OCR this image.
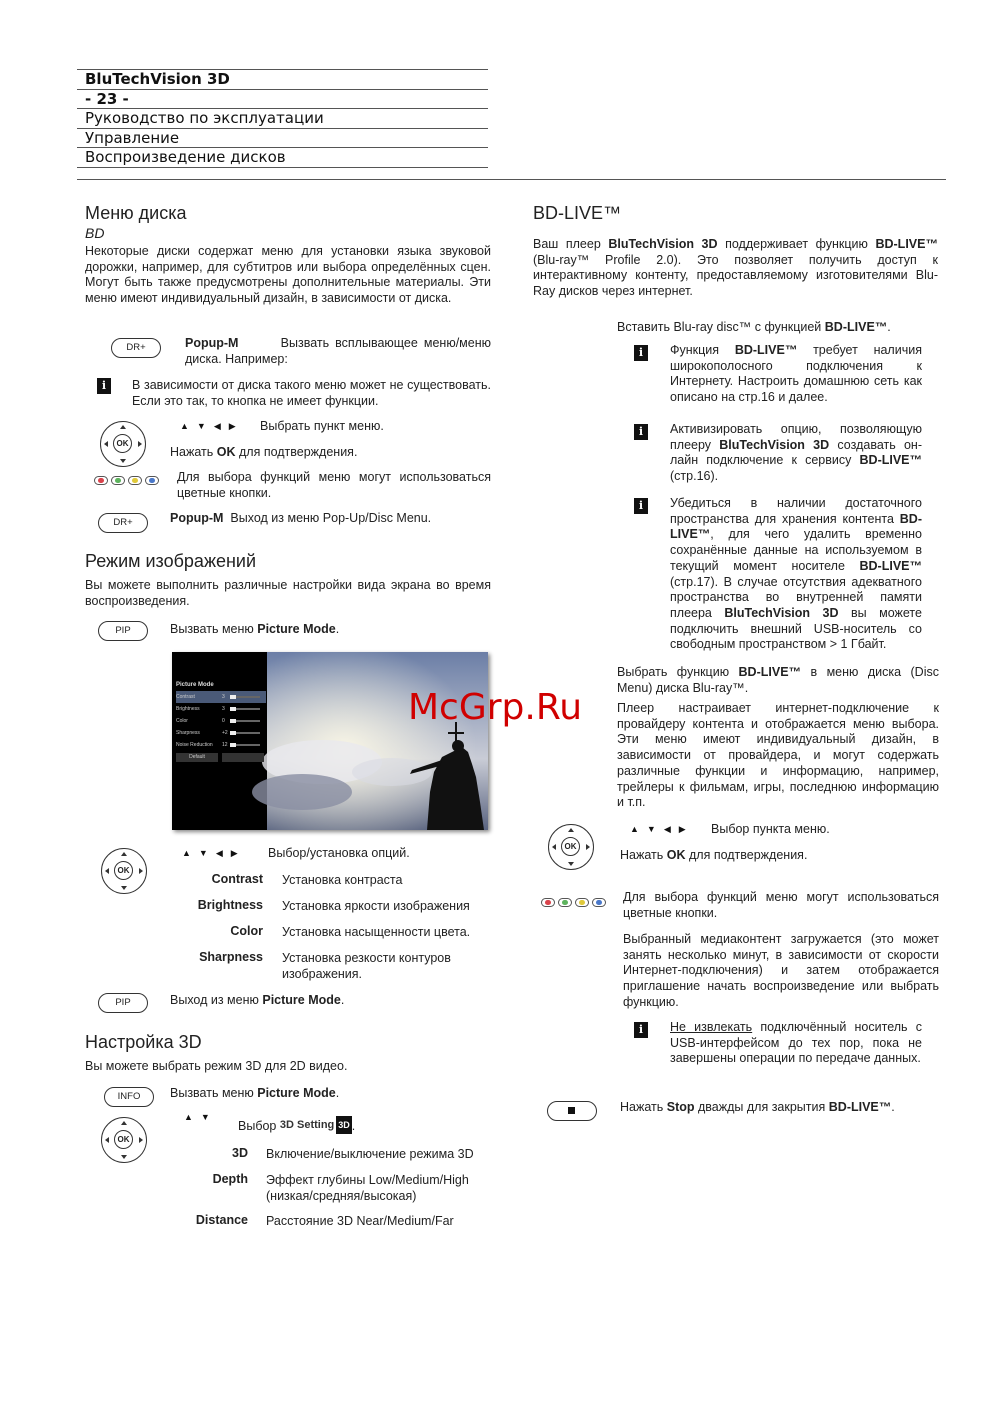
BluTechVision 3D
- 23 -
Руководство по эксплуатации
Управление
Воспроизведение дисков
Меню диска
BD
Некоторые диски содержат меню для установки языка звуковой дорожки, например, для субтитров или выбора определённых сцен. Могут быть также предусмотрены дополнительные материалы. Эти меню имеют индивидуальный дизайн, в зависимости от диска.
DR+	Popup-M	Вызвать всплывающее меню/меню диска. Например:
i	В зависимости от диска такого меню может не существовать. Если это так, то кнопка не имеет функции.
OK
▲▼◀▶ Выбрать пункт меню.
Нажать OK для подтверждения.
Для выбора функций меню могут использоваться цветные кнопки.
DR+	Popup-M Выход из меню Pop-Up/Disc Menu.
Режим изображений
Вы можете выполнить различные настройки вида экрана во время воспроизведения.
PIP	Вызвать меню Picture Mode.
Picture Mode
Contrast	3
Brightness	3
Color	0
Sharpness	+2
Noise Reduction 12
Default
OK
▲▼◀▶ Выбор/установка опций.
Contrast Установка контраста
Brightness Установка яркости изображения
Color Установка насыщенности цвета.
Sharpness Установка резкости контуров изображения.
PIP	Выход из меню Picture Mode.
Настройка 3D
Вы можете выбрать режим 3D для 2D видео.
INFO	Вызвать меню Picture Mode.
OK
▲▼
Выбор 3D Setting 3D .
3D Включение/выключение режима 3D
Depth Эффект глубины Low/Medium/High (низкая/средняя/высокая)
Distance Расстояние 3D Near/Medium/Far
BD-LIVE™
Ваш плеер BluTechVision 3D поддерживает функцию BD-LIVE™ (Blu-ray™ Profile 2.0). Это позволяет получить доступ к интерактивному контенту, предоставляемому изготовителями Blu-Ray дисков через интернет.
Вставить Blu-ray disc™ с функцией BD-LIVE™.
i	Функция BD-LIVE™ требует наличия широкополосного подключения к Интернету. Настроить домашнюю сеть как описано на стр.16 и далее.
i	Активизировать опцию, позволяющую плееру BluTechVision 3D создавать он-лайн подключение к сервису BD-LIVE™ (стр.16).
i	Убедиться в наличии достаточного пространства для хранения контента BD-LIVE™, для чего удалить временно сохранённые данные на используемом в текущий момент носителе BD-LIVE™ (стр.17). В случае отсутствия адекватного пространства во внутренней памяти плеера BluTechVision 3D вы можете подключить внешний USB-носитель со свободным пространством > 1 Гбайт.
Выбрать функцию BD-LIVE™ в меню диска (Disc Menu) диска Blu-ray™.
Плеер настраивает интернет-подключение к провайдеру контента и отображается меню выбора. Эти меню имеют индивидуальный дизайн, в зависимости от провайдера, и могут содержать различные функции и информацию, например, трейлеры к фильмам, игры, последнюю информацию и т.п.
OK
▲▼◀▶ Выбор пункта меню.
Нажать OK для подтверждения.
Для выбора функций меню могут использоваться цветные кнопки.
Выбранный медиаконтент загружается (это может занять несколько минут, в зависимости от скорости Интернет-подключения) и затем отображается приглашение начать воспроизведение или выбрать функцию.
i	Не извлекать подключённый носитель с USB-интерфейсом до тех пор, пока не завершены операции по передаче данных.
Нажать Stop дважды для закрытия BD-LIVE™.
McGrp.Ru
